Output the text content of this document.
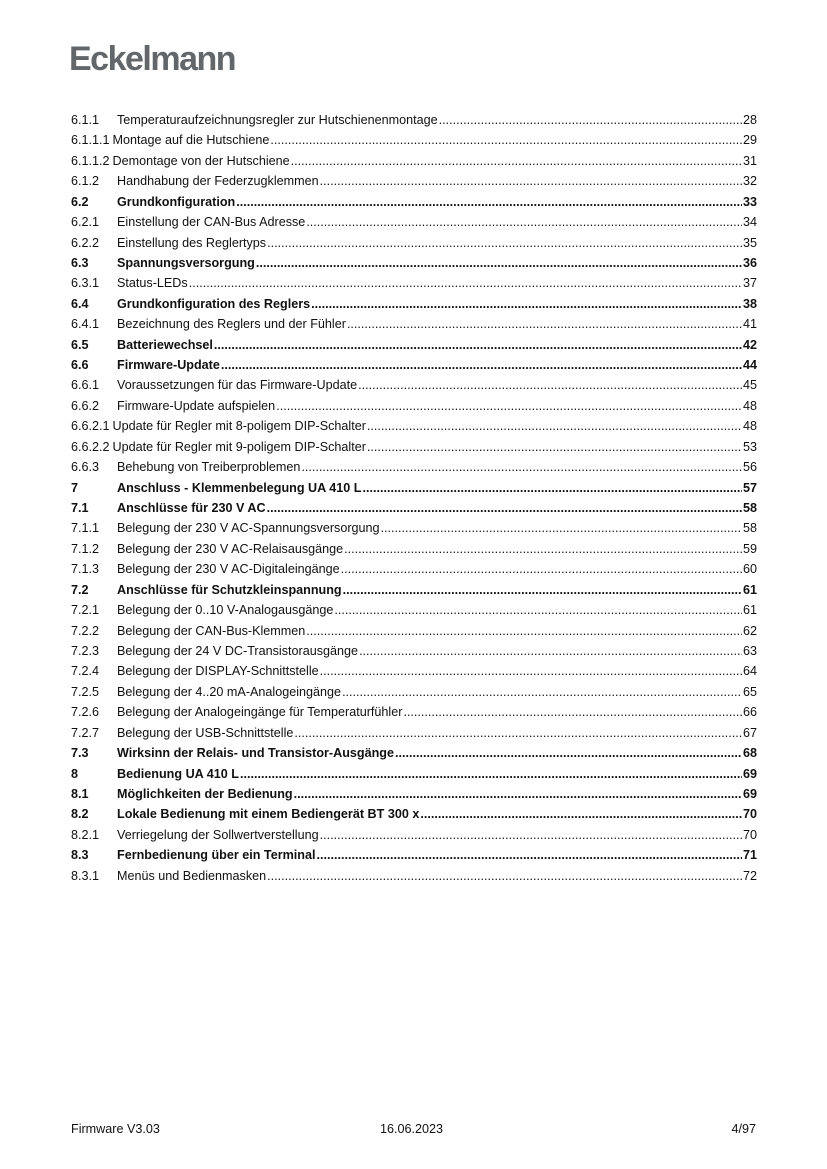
Eckelmann
6.1.1	Temperaturaufzeichnungsregler zur Hutschienenmontage .....	28
6.1.1.1 Montage auf die Hutschiene .....	29
6.1.1.2 Demontage von der Hutschiene .....	31
6.1.2	Handhabung der Federzugklemmen .....	32
6.2	Grundkonfiguration .....	33
6.2.1	Einstellung der CAN-Bus Adresse .....	34
6.2.2	Einstellung des Reglertyps .....	35
6.3	Spannungsversorgung .....	36
6.3.1	Status-LEDs .....	37
6.4	Grundkonfiguration des Reglers .....	38
6.4.1	Bezeichnung des Reglers und der Fühler .....	41
6.5	Batteriewechsel .....	42
6.6	Firmware-Update .....	44
6.6.1	Voraussetzungen für das Firmware-Update .....	45
6.6.2	Firmware-Update aufspielen .....	48
6.6.2.1 Update für Regler mit 8-poligem DIP-Schalter .....	48
6.6.2.2 Update für Regler mit 9-poligem DIP-Schalter .....	53
6.6.3	Behebung von Treiberproblemen .....	56
7	Anschluss - Klemmenbelegung UA 410 L .....	57
7.1	Anschlüsse für 230 V AC .....	58
7.1.1	Belegung der 230 V AC-Spannungsversorgung .....	58
7.1.2	Belegung der 230 V AC-Relaisausgänge .....	59
7.1.3	Belegung der 230 V AC-Digitaleingänge .....	60
7.2	Anschlüsse für Schutzkleinspannung .....	61
7.2.1	Belegung der 0..10 V-Analogausgänge .....	61
7.2.2	Belegung der CAN-Bus-Klemmen .....	62
7.2.3	Belegung der 24 V DC-Transistorausgänge .....	63
7.2.4	Belegung der DISPLAY-Schnittstelle .....	64
7.2.5	Belegung der 4..20 mA-Analogeingänge .....	65
7.2.6	Belegung der Analogeingänge für Temperaturfühler .....	66
7.2.7	Belegung der USB-Schnittstelle .....	67
7.3	Wirksinn der Relais- und Transistor-Ausgänge .....	68
8	Bedienung UA 410 L .....	69
8.1	Möglichkeiten der Bedienung .....	69
8.2	Lokale Bedienung mit einem Bediengerät BT 300 x .....	70
8.2.1	Verriegelung der Sollwertverstellung .....	70
8.3	Fernbedienung über ein Terminal .....	71
8.3.1	Menüs und Bedienmasken .....	72
Firmware V3.03	16.06.2023	4/97
